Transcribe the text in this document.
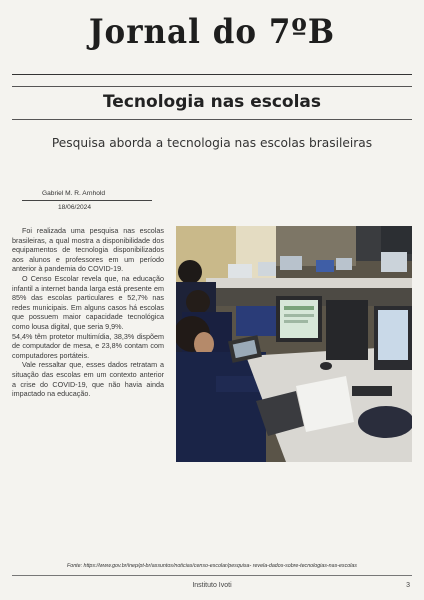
Jornal do 7ºB
Tecnologia nas escolas
Pesquisa aborda a tecnologia nas escolas brasileiras
Gabriel M. R. Arnhold
18/06/2024

Foi realizada uma pesquisa nas escolas brasileiras, a qual mostra a disponibilidade dos equipamentos de tecnologia disponibilizados aos alunos e professores em um período anterior à pandemia do COVID-19.

O Censo Escolar revela que, na educação infantil a internet banda larga está presente em 85% das escolas particulares e 52,7% nas redes municipais. Em alguns casos há escolas que possuem maior capacidade tecnológica como lousa digital, que seria 9,9%.

54,4% têm protetor multimídia, 38,3% dispõem de computador de mesa, e 23,8% contam com computadores portáteis.

Vale ressaltar que, esses dados retratam a situação das escolas em um contexto anterior a crise do COVID-19, que não havia ainda impactado na educação.

Fonte: https://www.gov.br/inep/pt-br/assuntos/noticias/censo-escolar/pesquisa- revela-dados-sobre-tecnologias-nas-escolas
Instituto Ivoti	3
